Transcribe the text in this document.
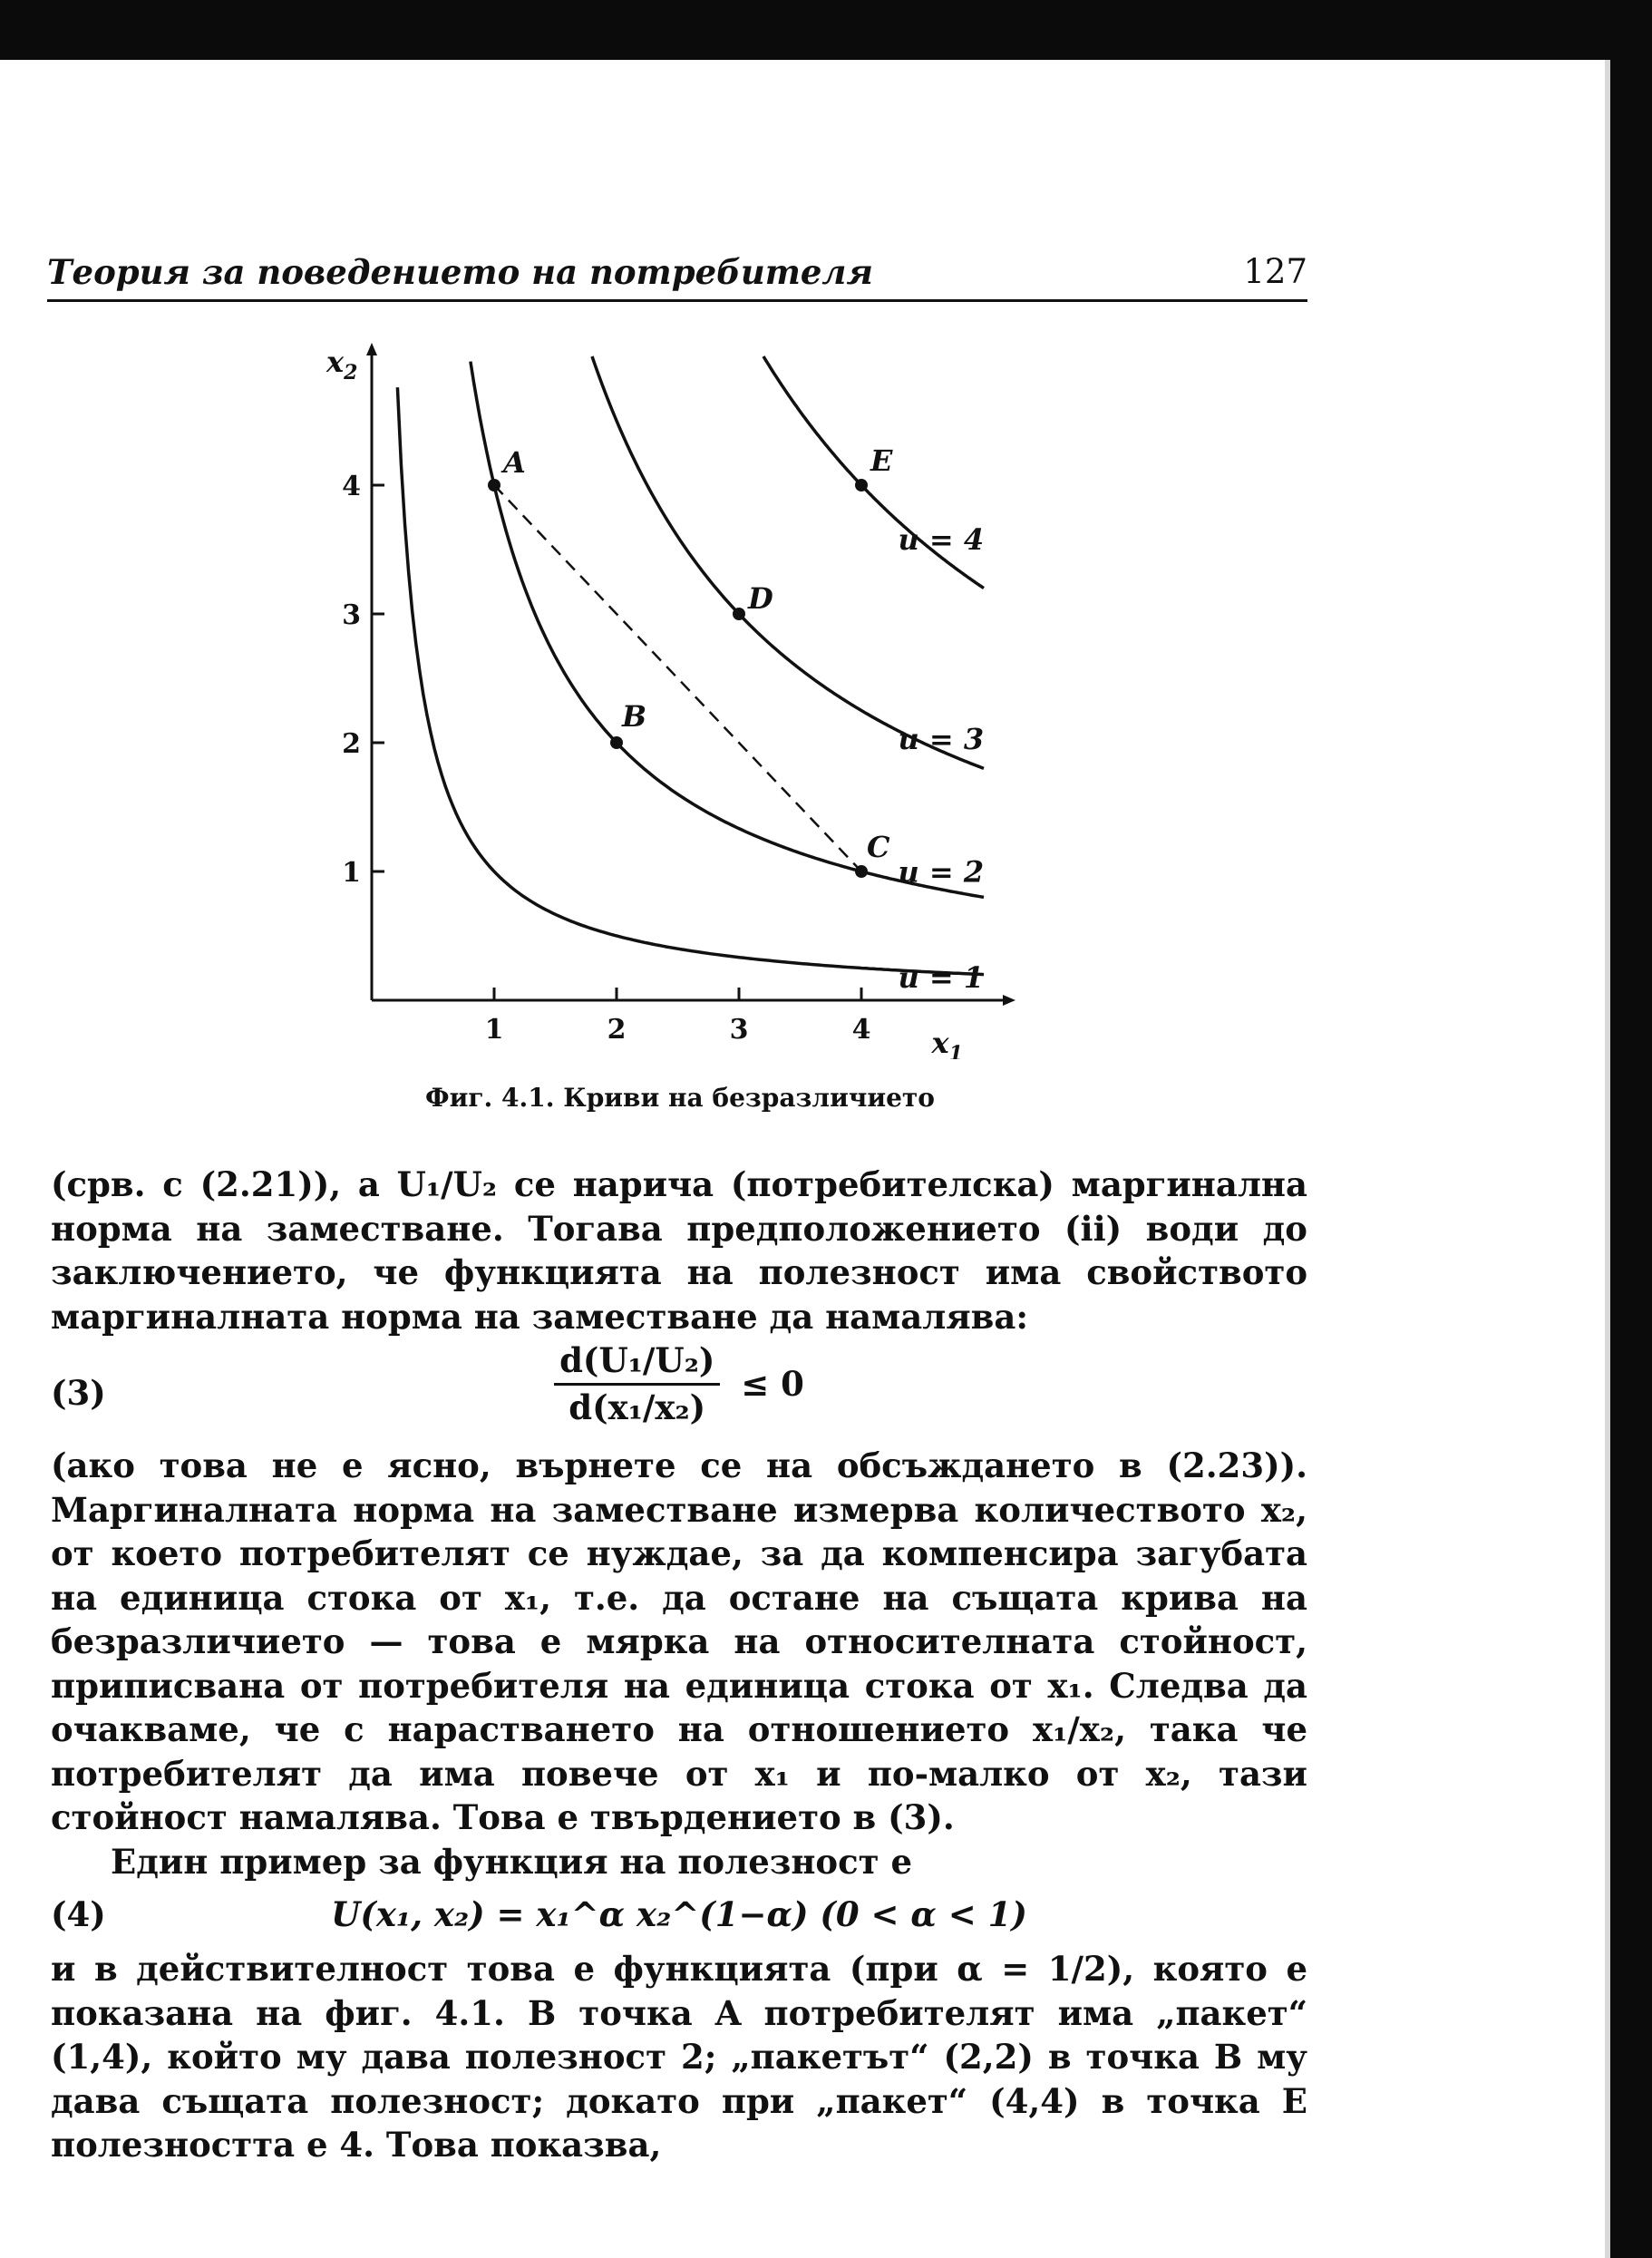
Теория за поведението на потребителя	127
$x_1$
$x_2$
1	2	3	4
1
2
3
4
u = 1
u = 2
u = 3
u = 4
A
B
C
D
E
Фиг. 4.1. Криви на безразличието

(срв. с (2.21)), а U₁/U₂ се нарича (потребителска) маргинална норма на заместване. Тогава предположението (ii) води до заключението, че функцията на полезност има свойството маргиналната норма на заместване да намалява:

(3)	$\frac{\text{d(U₁/U₂)}}{\text{d(x₁/x₂)}} \le 0$

(ако това не е ясно, върнете се на обсъждането в (2.23)). Маргиналната норма на заместване измерва количеството x₂, от което потребителят се нуждае, за да компенсира загубата на единица стока от x₁, т.е. да остане на същата крива на безразличието — това е мярка на относителната стойност, приписвана от потребителя на единица стока от x₁. Следва да очакваме, че с нарастването на отношението x₁/x₂, така че потребителят да има повече от x₁ и по-малко от x₂, тази стойност намалява. Това е твърдението в (3).

Един пример за функция на полезност е

(4)	U(x₁, x₂) = x₁^α x₂^(1−α) (0 < α < 1)

и в действителност това е функцията (при α = 1/2), която е показана на фиг. 4.1. В точка A потребителят има „пакет“ (1,4), който му дава полезност 2; „пакетът“ (2,2) в точка B му дава същата полезност; докато при „пакет“ (4,4) в точка E полезността е 4. Това показва,
